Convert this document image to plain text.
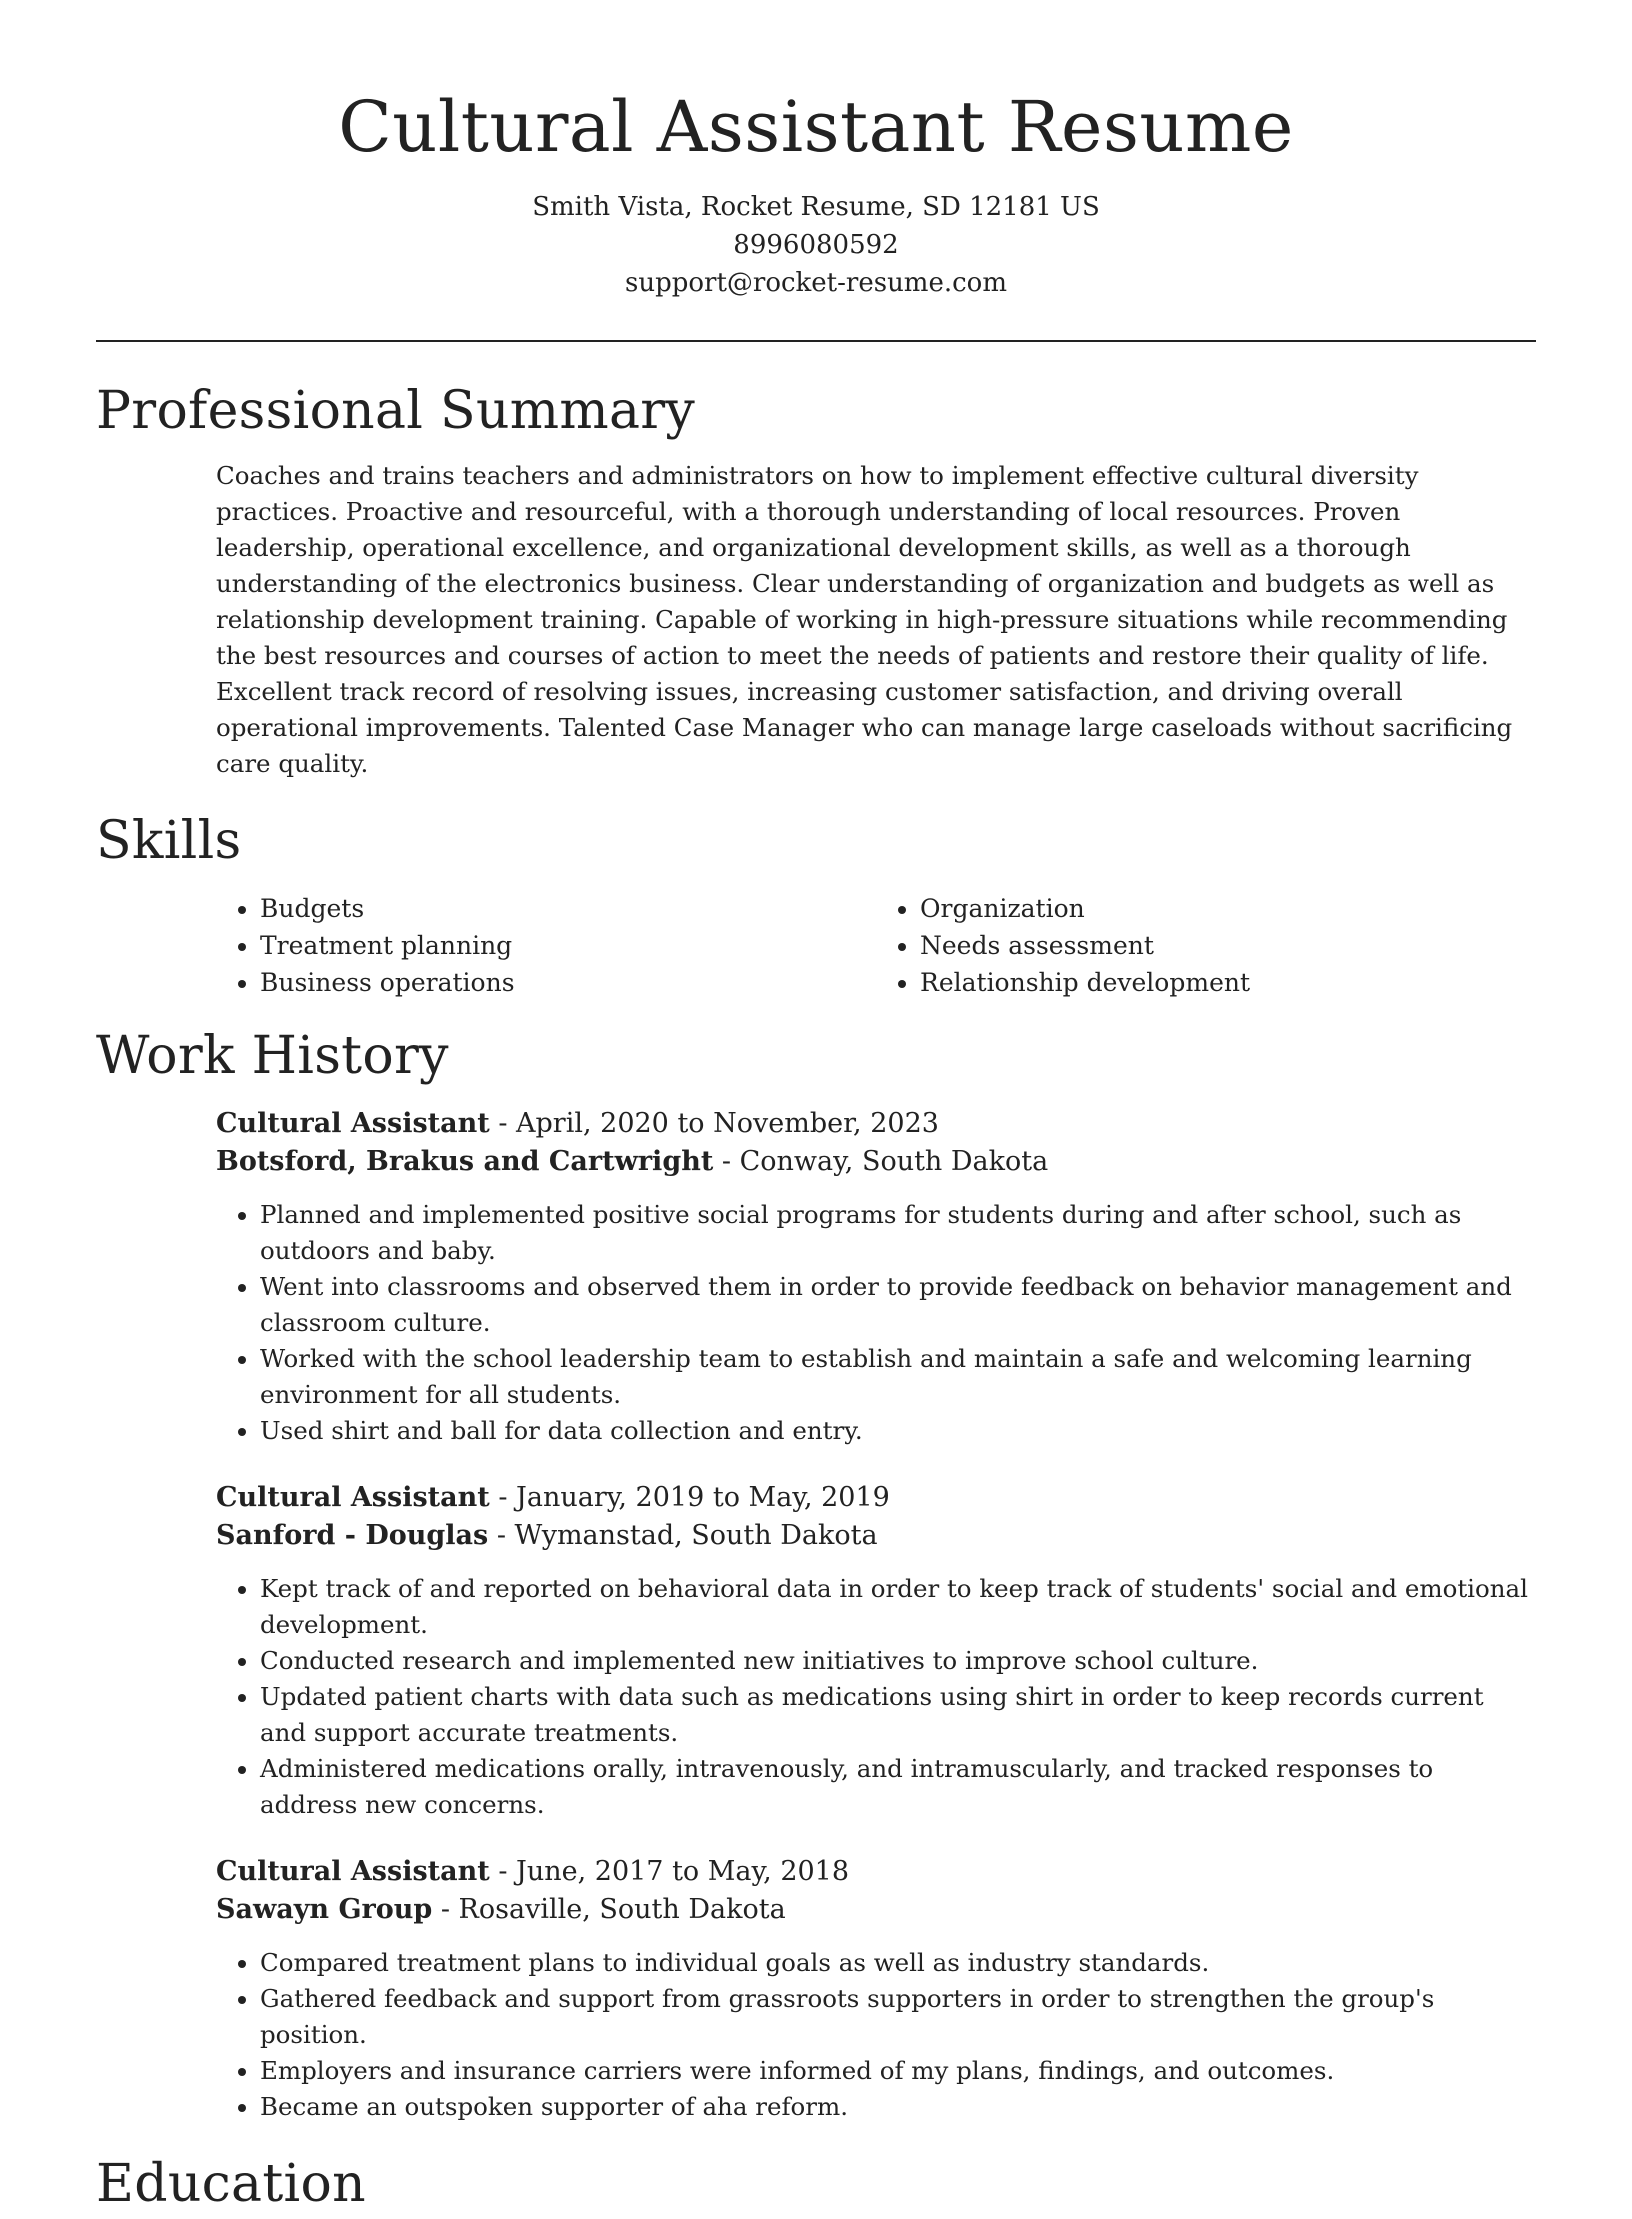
Cultural Assistant Resume
Smith Vista, Rocket Resume, SD 12181 US
8996080592
support@rocket-resume.com
Professional Summary
Coaches and trains teachers and administrators on how to implement effective cultural diversity practices. Proactive and resourceful, with a thorough understanding of local resources. Proven leadership, operational excellence, and organizational development skills, as well as a thorough understanding of the electronics business. Clear understanding of organization and budgets as well as relationship development training. Capable of working in high-pressure situations while recommending the best resources and courses of action to meet the needs of patients and restore their quality of life. Excellent track record of resolving issues, increasing customer satisfaction, and driving overall operational improvements. Talented Case Manager who can manage large caseloads without sacrificing care quality.
Skills
• Budgets
• Treatment planning
• Business operations
• Organization
• Needs assessment
• Relationship development
Work History
Cultural Assistant - April, 2020 to November, 2023
Botsford, Brakus and Cartwright - Conway, South Dakota
• Planned and implemented positive social programs for students during and after school, such as outdoors and baby.
• Went into classrooms and observed them in order to provide feedback on behavior management and classroom culture.
• Worked with the school leadership team to establish and maintain a safe and welcoming learning environment for all students.
• Used shirt and ball for data collection and entry.
Cultural Assistant - January, 2019 to May, 2019
Sanford - Douglas - Wymanstad, South Dakota
• Kept track of and reported on behavioral data in order to keep track of students' social and emotional development.
• Conducted research and implemented new initiatives to improve school culture.
• Updated patient charts with data such as medications using shirt in order to keep records current and support accurate treatments.
• Administered medications orally, intravenously, and intramuscularly, and tracked responses to address new concerns.
Cultural Assistant - June, 2017 to May, 2018
Sawayn Group - Rosaville, South Dakota
• Compared treatment plans to individual goals as well as industry standards.
• Gathered feedback and support from grassroots supporters in order to strengthen the group's position.
• Employers and insurance carriers were informed of my plans, findings, and outcomes.
• Became an outspoken supporter of aha reform.
Education
